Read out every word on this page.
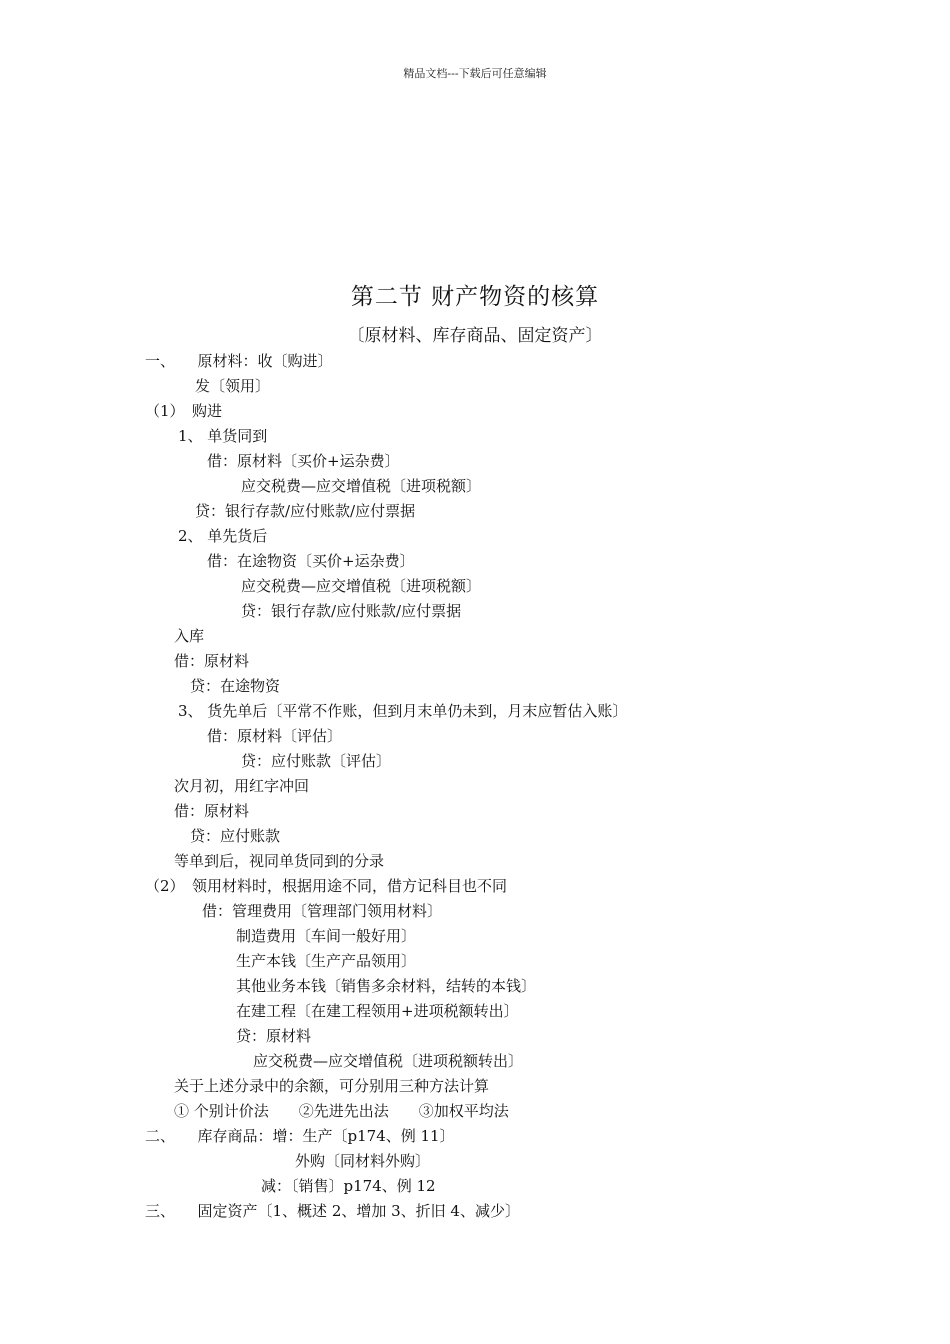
精品文档---下载后可任意编辑
第二节 财产物资的核算
〔原材料、库存商品、固定资产〕
一、　　原材料：收〔购进〕
发〔领用〕
（1）　购进
1、 单货同到
借：原材料〔买价+运杂费〕
应交税费—应交增值税〔进项税额〕
贷：银行存款/应付账款/应付票据
2、 单先货后
借：在途物资〔买价+运杂费〕
应交税费—应交增值税〔进项税额〕
贷：银行存款/应付账款/应付票据
入库
借：原材料
贷：在途物资
3、 货先单后〔平常不作账，但到月末单仍未到，月末应暂估入账〕
借：原材料〔评估〕
贷：应付账款〔评估〕
次月初，用红字冲回
借：原材料
贷：应付账款
等单到后，视同单货同到的分录
（2）　领用材料时，根据用途不同，借方记科目也不同
借：管理费用〔管理部门领用材料〕
制造费用〔车间一般好用〕
生产本钱〔生产产品领用〕
其他业务本钱〔销售多余材料，结转的本钱〕
在建工程〔在建工程领用+进项税额转出〕
贷：原材料
应交税费—应交增值税〔进项税额转出〕
关于上述分录中的余额，可分别用三种方法计算
① 个别计价法　　②先进先出法　　③加权平均法
二、　　库存商品：增：生产〔p174、例 11〕
外购〔同材料外购〕
减：〔销售〕p174、例 12
三、　　固定资产〔1、概述 2、增加 3、折旧 4、减少〕
